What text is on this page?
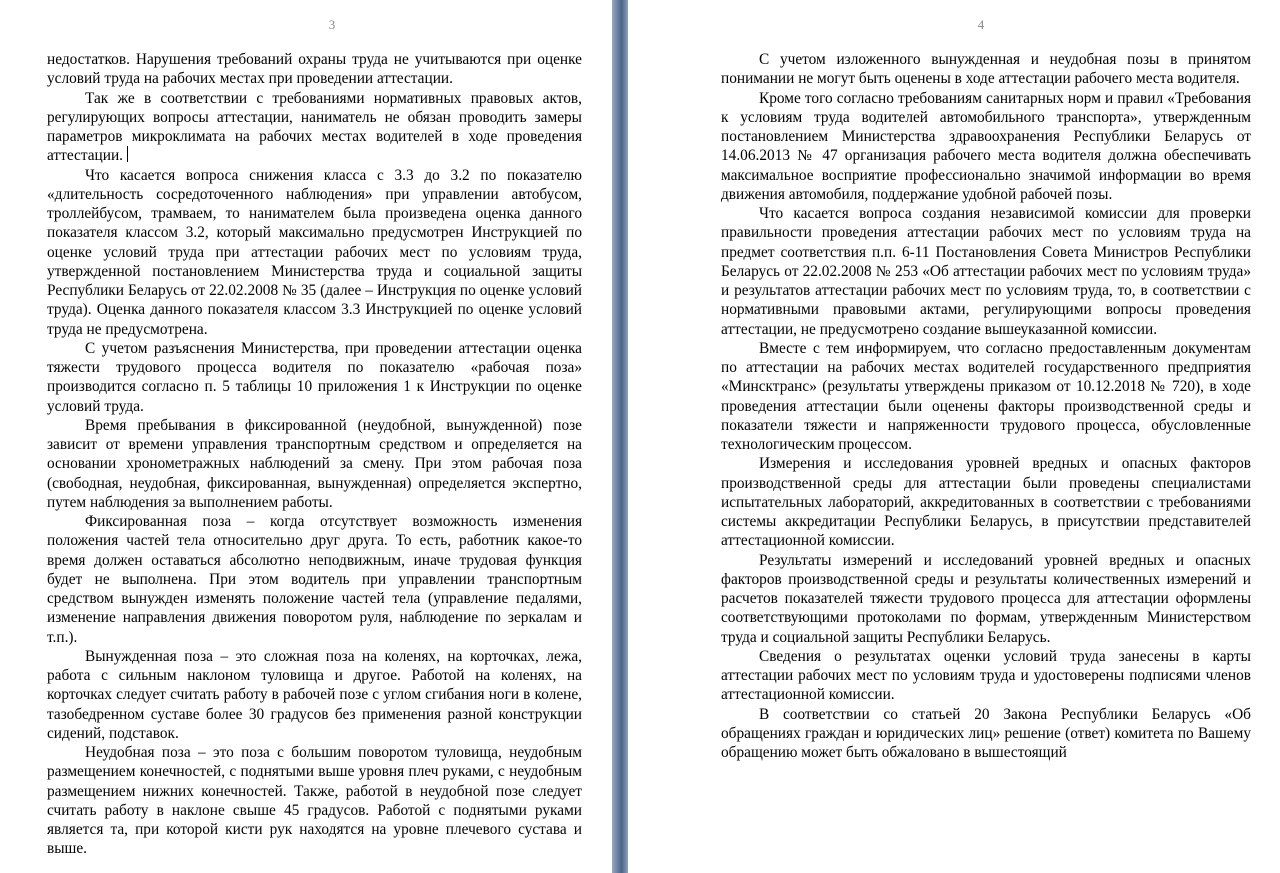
3

недостатков. Нарушения требований охраны труда не учитываются при оценке условий труда на рабочих местах при проведении аттестации.

Так же в соответствии с требованиями нормативных правовых актов, регулирующих вопросы аттестации, наниматель не обязан проводить замеры параметров микроклимата на рабочих местах водителей в ходе проведения аттестации.

Что касается вопроса снижения класса с 3.3 до 3.2 по показателю «длительность сосредоточенного наблюдения» при управлении автобусом, троллейбусом, трамваем, то нанимателем была произведена оценка данного показателя классом 3.2, который максимально предусмотрен Инструкцией по оценке условий труда при аттестации рабочих мест по условиям труда, утвержденной постановлением Министерства труда и социальной защиты Республики Беларусь от 22.02.2008 № 35 (далее – Инструкция по оценке условий труда). Оценка данного показателя классом 3.3 Инструкцией по оценке условий труда не предусмотрена.

С учетом разъяснения Министерства, при проведении аттестации оценка тяжести трудового процесса водителя по показателю «рабочая поза» производится согласно п. 5 таблицы 10 приложения 1 к Инструкции по оценке условий труда.

Время пребывания в фиксированной (неудобной, вынужденной) позе зависит от времени управления транспортным средством и определяется на основании хронометражных наблюдений за смену. При этом рабочая поза (свободная, неудобная, фиксированная, вынужденная) определяется экспертно, путем наблюдения за выполнением работы.

Фиксированная поза – когда отсутствует возможность изменения положения частей тела относительно друг друга. То есть, работник какое-то время должен оставаться абсолютно неподвижным, иначе трудовая функция будет не выполнена. При этом водитель при управлении транспортным средством вынужден изменять положение частей тела (управление педалями, изменение направления движения поворотом руля, наблюдение по зеркалам и т.п.).

Вынужденная поза – это сложная поза на коленях, на корточках, лежа, работа с сильным наклоном туловища и другое. Работой на коленях, на корточках следует считать работу в рабочей позе с углом сгибания ноги в колене, тазобедренном суставе более 30 градусов без применения разной конструкции сидений, подставок.

Неудобная поза – это поза с большим поворотом туловища, неудобным размещением конечностей, с поднятыми выше уровня плеч руками, с неудобным размещением нижних конечностей. Также, работой в неудобной позе следует считать работу в наклоне свыше 45 градусов. Работой с поднятыми руками является та, при которой кисти рук находятся на уровне плечевого сустава и выше.

4

С учетом изложенного вынужденная и неудобная позы в принятом понимании не могут быть оценены в ходе аттестации рабочего места водителя.

Кроме того согласно требованиям санитарных норм и правил «Требования к условиям труда водителей автомобильного транспорта», утвержденным постановлением Министерства здравоохранения Республики Беларусь от 14.06.2013 № 47 организация рабочего места водителя должна обеспечивать максимальное восприятие профессионально значимой информации во время движения автомобиля, поддержание удобной рабочей позы.

Что касается вопроса создания независимой комиссии для проверки правильности проведения аттестации рабочих мест по условиям труда на предмет соответствия п.п. 6-11 Постановления Совета Министров Республики Беларусь от 22.02.2008 № 253 «Об аттестации рабочих мест по условиям труда» и результатов аттестации рабочих мест по условиям труда, то, в соответствии с нормативными правовыми актами, регулирующими вопросы проведения аттестации, не предусмотрено создание вышеуказанной комиссии.

Вместе с тем информируем, что согласно предоставленным документам по аттестации на рабочих местах водителей государственного предприятия «Минсктранс» (результаты утверждены приказом от 10.12.2018 № 720), в ходе проведения аттестации были оценены факторы производственной среды и показатели тяжести и напряженности трудового процесса, обусловленные технологическим процессом.

Измерения и исследования уровней вредных и опасных факторов производственной среды для аттестации были проведены специалистами испытательных лабораторий, аккредитованных в соответствии с требованиями системы аккредитации Республики Беларусь, в присутствии представителей аттестационной комиссии.

Результаты измерений и исследований уровней вредных и опасных факторов производственной среды и результаты количественных измерений и расчетов показателей тяжести трудового процесса для аттестации оформлены соответствующими протоколами по формам, утвержденным Министерством труда и социальной защиты Республики Беларусь.

Сведения о результатах оценки условий труда занесены в карты аттестации рабочих мест по условиям труда и удостоверены подписями членов аттестационной комиссии.

В соответствии со статьей 20 Закона Республики Беларусь «Об обращениях граждан и юридических лиц» решение (ответ) комитета по Вашему обращению может быть обжаловано в вышестоящий
